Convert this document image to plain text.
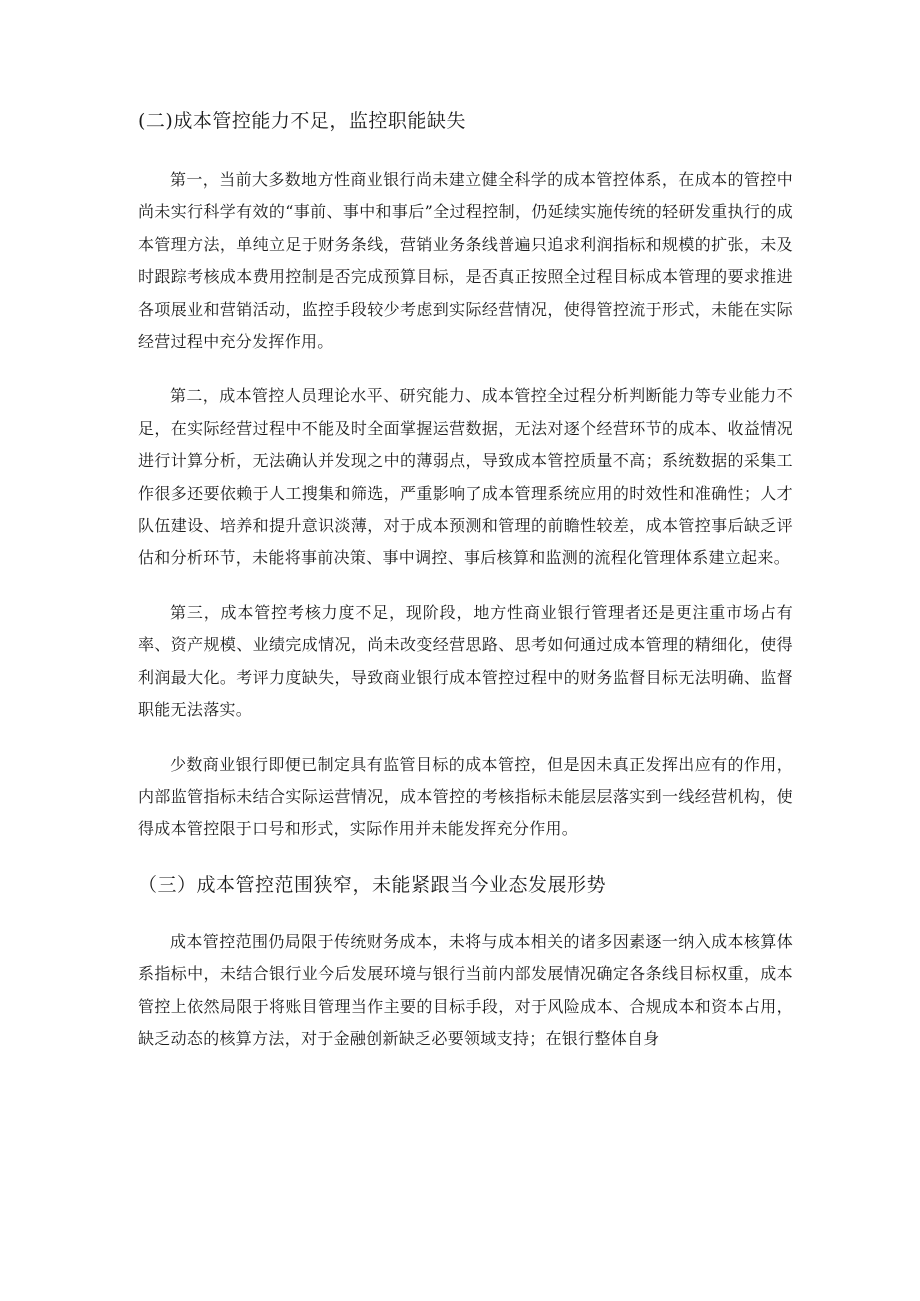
(二)成本管控能力不足，监控职能缺失

第一，当前大多数地方性商业银行尚未建立健全科学的成本管控体系，在成本的管控中尚未实行科学有效的“事前、事中和事后”全过程控制，仍延续实施传统的轻研发重执行的成本管理方法，单纯立足于财务条线，营销业务条线普遍只追求利润指标和规模的扩张，未及时跟踪考核成本费用控制是否完成预算目标，是否真正按照全过程目标成本管理的要求推进各项展业和营销活动，监控手段较少考虑到实际经营情况，使得管控流于形式，未能在实际经营过程中充分发挥作用。

第二，成本管控人员理论水平、研究能力、成本管控全过程分析判断能力等专业能力不足，在实际经营过程中不能及时全面掌握运营数据，无法对逐个经营环节的成本、收益情况进行计算分析，无法确认并发现之中的薄弱点，导致成本管控质量不高；系统数据的采集工作很多还要依赖于人工搜集和筛选，严重影响了成本管理系统应用的时效性和准确性；人才队伍建设、培养和提升意识淡薄，对于成本预测和管理的前瞻性较差，成本管控事后缺乏评估和分析环节，未能将事前决策、事中调控、事后核算和监测的流程化管理体系建立起来。

第三，成本管控考核力度不足，现阶段，地方性商业银行管理者还是更注重市场占有率、资产规模、业绩完成情况，尚未改变经营思路、思考如何通过成本管理的精细化，使得利润最大化。考评力度缺失，导致商业银行成本管控过程中的财务监督目标无法明确、监督职能无法落实。

少数商业银行即便已制定具有监管目标的成本管控，但是因未真正发挥出应有的作用，内部监管指标未结合实际运营情况，成本管控的考核指标未能层层落实到一线经营机构，使得成本管控限于口号和形式，实际作用并未能发挥充分作用。

（三）成本管控范围狭窄，未能紧跟当今业态发展形势

成本管控范围仍局限于传统财务成本，未将与成本相关的诸多因素逐一纳入成本核算体系指标中，未结合银行业今后发展环境与银行当前内部发展情况确定各条线目标权重，成本管控上依然局限于将账目管理当作主要的目标手段，对于风险成本、合规成本和资本占用，缺乏动态的核算方法，对于金融创新缺乏必要领域支持；在银行整体自身
